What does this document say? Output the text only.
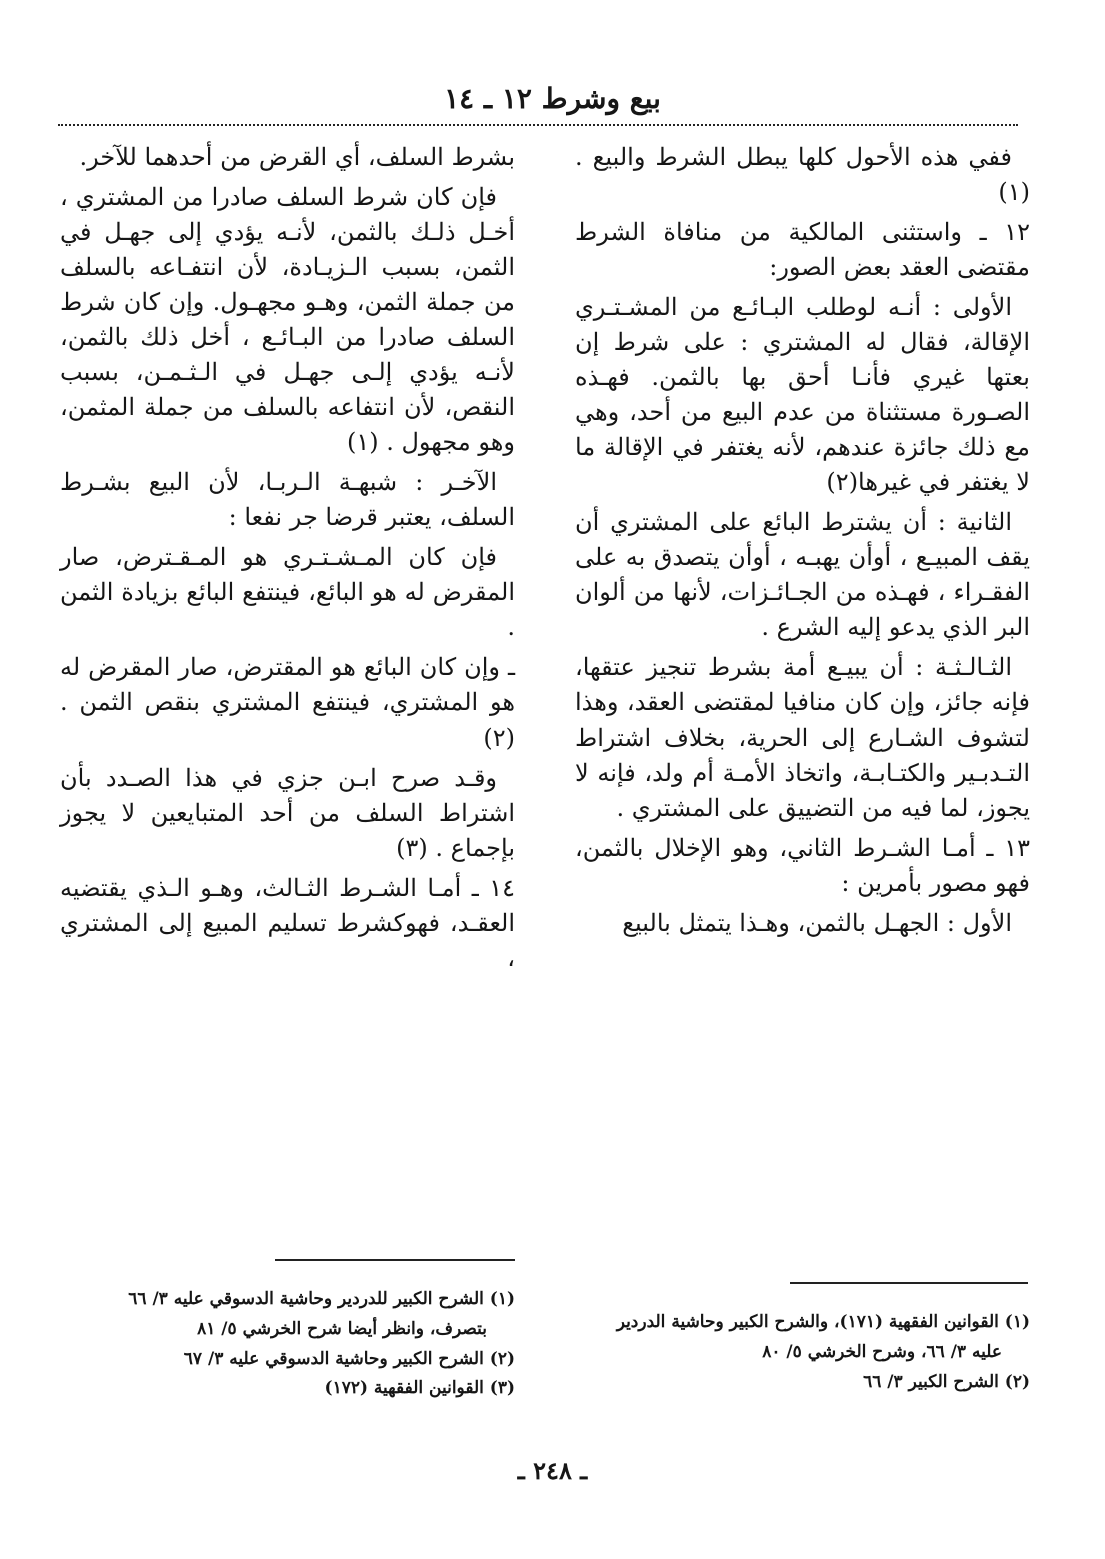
بيع وشرط ١٢ ـ ١٤

ففي هذه الأحول كلها يبطل الشرط والبيع . (١)

١٢ ـ واستثنى المالكية من منافاة الشرط مقتضى العقد بعض الصور:

الأولى : أنـه لوطلب البـائـع من المشـتـري الإقالة، فقال له المشتري : على شرط إن بعتها غيري فأنـا أحق بها بالثمن. فهـذه الصـورة مستثناة من عدم البيع من أحد، وهي مع ذلك جائزة عندهم، لأنه يغتفر في الإقالة ما لا يغتفر في غيرها(٢)

الثانية : أن يشترط البائع على المشتري أن يقف المبيـع ، أوأن يهبـه ، أوأن يتصدق به على الفقـراء ، فهـذه من الجـائـزات، لأنها من ألوان البر الذي يدعو إليه الشرع .

الثـالـثـة : أن يبيـع أمة بشرط تنجيز عتقها، فإنه جائز، وإن كان منافيا لمقتضى العقد، وهذا لتشوف الشـارع إلى الحرية، بخلاف اشتراط التـدبـير والكتـابـة، واتخاذ الأمـة أم ولد، فإنه لا يجوز، لما فيه من التضييق على المشتري .

١٣ ـ أمـا الشـرط الثاني، وهو الإخلال بالثمن، فهو مصور بأمرين :

الأول : الجهـل بالثمن، وهـذا يتمثل بالبيع

بشرط السلف، أي القرض من أحدهما للآخر.

فإن كان شرط السلف صادرا من المشتري ، أخـل ذلـك بالثمن، لأنـه يؤدي إلى جهـل في الثمن، بسبب الـزيـادة، لأن انتفـاعه بالسلف من جملة الثمن، وهـو مجهـول. وإن كان شرط السلف صادرا من البـائـع ، أخل ذلك بالثمن، لأنـه يؤدي إلـى جهـل في الـثـمـن، بسبب النقص، لأن انتفاعه بالسلف من جملة المثمن، وهو مجهول . (١)

الآخـر : شبهـة الـربـا، لأن البيع بشـرط السلف، يعتبر قرضا جر نفعا :

فإن كان المـشـتـري هو المـقـترض، صار المقرض له هو البائع، فينتفع البائع بزيادة الثمن .

ـ وإن كان البائع هو المقترض، صار المقرض له هو المشتري، فينتفع المشتري بنقص الثمن . (٢)

وقـد صرح ابـن جزي في هذا الصـدد بأن اشتراط السلف من أحد المتبايعين لا يجوز بإجماع . (٣)

١٤ ـ أمـا الشـرط الثـالث، وهـو الـذي يقتضيه العقـد، فهوكشرط تسليم المبيع إلى المشتري ،

(١) القوانين الفقهية (١٧١)، والشرح الكبير وحاشية الدردير

عليه ٣/ ٦٦، وشرح الخرشي ٥/ ٨٠

(٢) الشرح الكبير ٣/ ٦٦

(١) الشرح الكبير للدردير وحاشية الدسوقي عليه ٣/ ٦٦

بتصرف، وانظر أيضا شرح الخرشي ٥/ ٨١

(٢) الشرح الكبير وحاشية الدسوقي عليه ٣/ ٦٧

(٣) القوانين الفقهية (١٧٢)

ـ ٢٤٨ ـ
